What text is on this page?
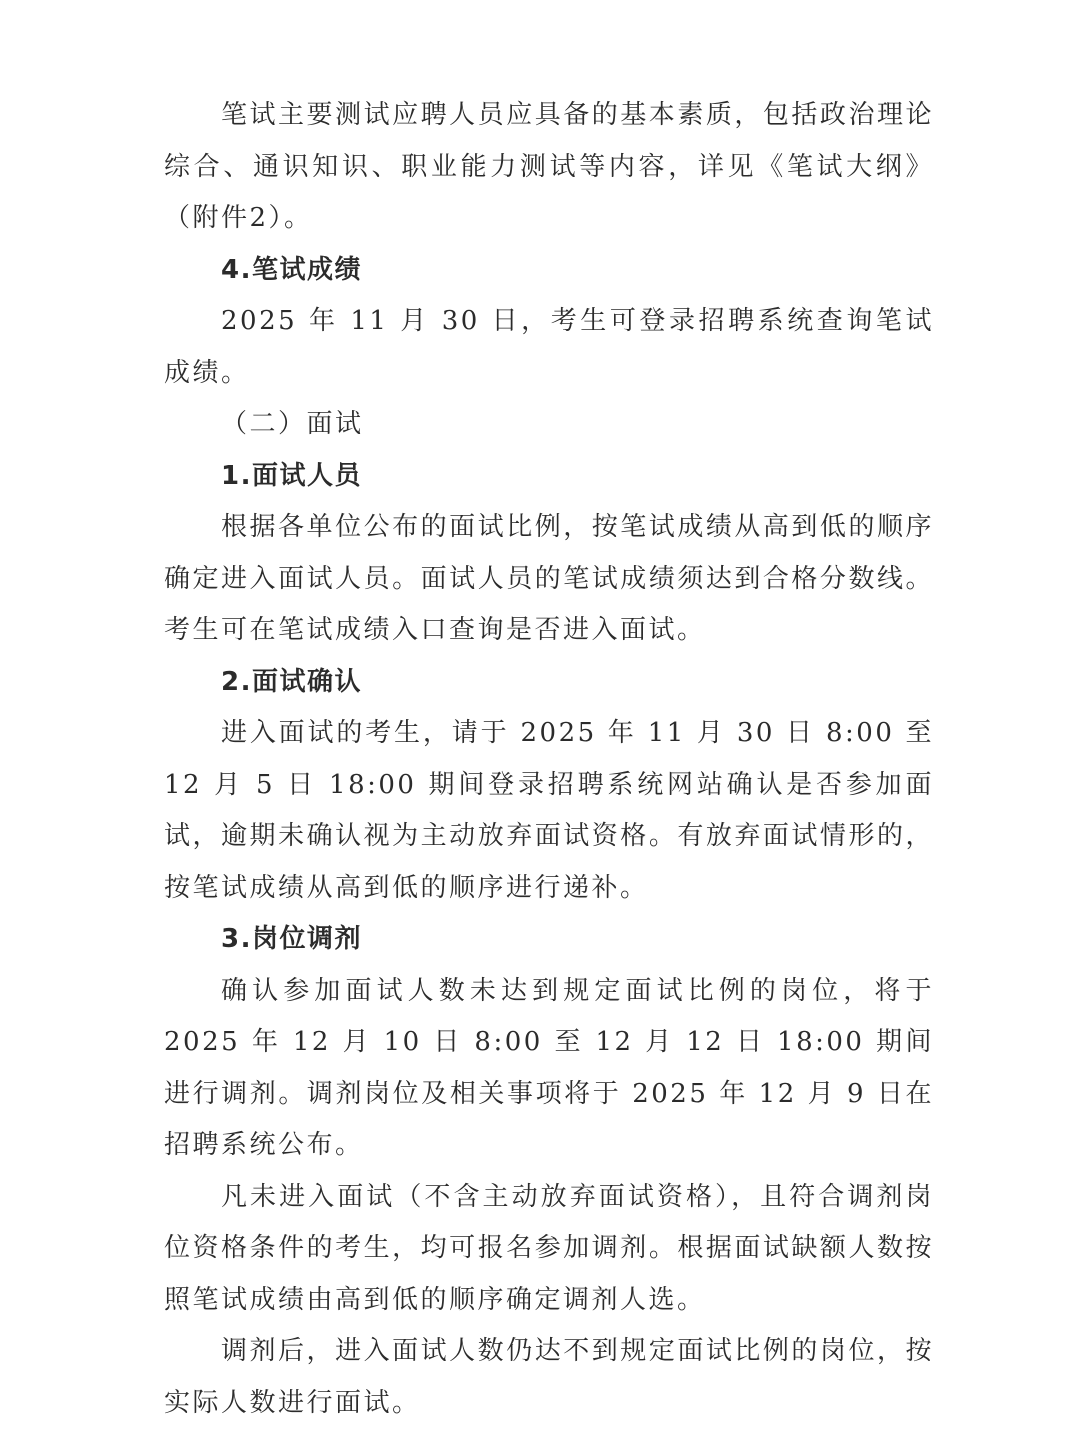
笔试主要测试应聘人员应具备的基本素质，包括政治理论综合、通识知识、职业能力测试等内容，详见《笔试大纲》（附件2）。

4.笔试成绩

2025 年 11 月 30 日，考生可登录招聘系统查询笔试成绩。

（二）面试

1.面试人员

根据各单位公布的面试比例，按笔试成绩从高到低的顺序确定进入面试人员。面试人员的笔试成绩须达到合格分数线。考生可在笔试成绩入口查询是否进入面试。

2.面试确认

进入面试的考生，请于 2025 年 11 月 30 日 8:00 至 12 月 5 日 18:00 期间登录招聘系统网站确认是否参加面试，逾期未确认视为主动放弃面试资格。有放弃面试情形的，按笔试成绩从高到低的顺序进行递补。

3.岗位调剂

确认参加面试人数未达到规定面试比例的岗位，将于 2025 年 12 月 10 日 8:00 至 12 月 12 日 18:00 期间进行调剂。调剂岗位及相关事项将于 2025 年 12 月 9 日在招聘系统公布。

凡未进入面试（不含主动放弃面试资格），且符合调剂岗位资格条件的考生，均可报名参加调剂。根据面试缺额人数按照笔试成绩由高到低的顺序确定调剂人选。

调剂后，进入面试人数仍达不到规定面试比例的岗位，按实际人数进行面试。
